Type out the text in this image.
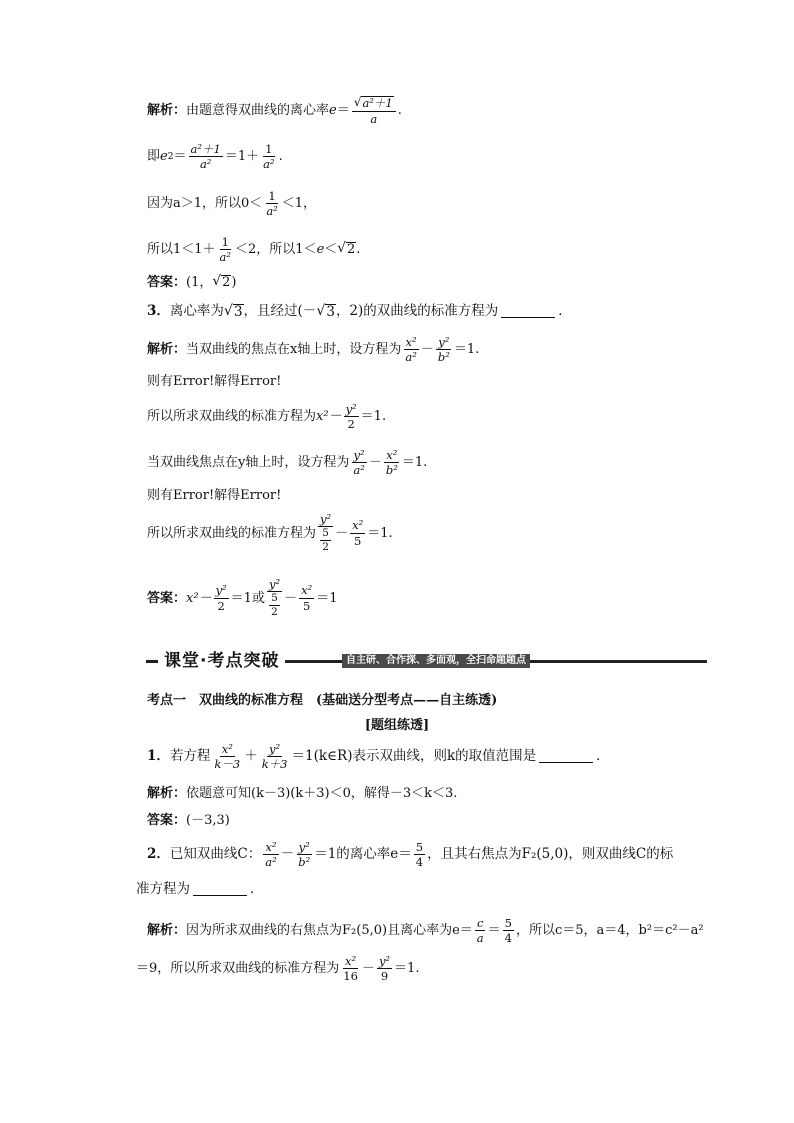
解析： 由题意得双曲线的离心率 $e = \frac{\text{√ a²＋1}}{a}$ .
即 e $2 = \frac{\text{a²＋1}}{\text{a²}} =1+ \frac{1}{\text{a²}}$ .
因为 a＞1，所以$0< \frac{1}{\text{a²}} <1$，
所以$1<1+ \frac{1}{\text{a²}} <2$，所以1＜ e ＜ √ 2 .
答案： (1， √ 2 )
3． 离心率为 √ 3 ，且经过(－ √ 3 ，2)的双曲线的标准方程为	．
解析： 当双曲线的焦点在x轴上时，设方程为 $\frac{\text{x²}}{\text{a²}} - \frac{\text{y²}}{\text{b²}} =1$.
则有Error!解得Error!
所以所求双曲线的标准方程为 $x^2- \frac{\text{y²}}{2} =1$.
当双曲线焦点在y轴上时，设方程为 $\frac{\text{y²}}{\text{a²}} - \frac{\text{x²}}{\text{b²}} =1$.
则有Error!解得Error!
所以所求双曲线的标准方程为 $\frac{\text{y²}}{\frac{5}{2}} - \frac{\text{x²}}{5} =1$.
答案： $x^2- \frac{\text{y²}}{2} =1$或 $\frac{\text{y²}}{\frac{5}{2}} - \frac{\text{x²}}{5} =1$
课堂·考点突破	自主研、合作探、多面观，全扫命题题点
考点一　双曲线的标准方程　(基础送分型考点——自主练透)
[题组练透]
1． 若方程 $\frac{\text{x²}}{k-3} + \frac{\text{y²}}{k+3}$ ＝1(k∈R)表示双曲线，则k的取值范围是	．
解析： 依题意可知(k－3)(k＋3)＜0，解得－3＜k＜3.
答案： (－3,3)
2． 已知双曲线C： $\frac{\text{x²}}{\text{a²}} - \frac{\text{y²}}{\text{b²}} =1$的离心率$e= \frac{5}{4}$ ，且其右焦点为F₂(5,0)，则双曲线C的标
准方程为	．
解析： 因为所求双曲线的右焦点为F₂(5,0)且离心率为$e= \frac{c}{a} = \frac{5}{4}$ ，所以c＝5，a＝4，b²＝c²－a²
＝9，所以所求双曲线的标准方程为 $\frac{\text{x²}}{16} - \frac{\text{y²}}{9} =1$.
